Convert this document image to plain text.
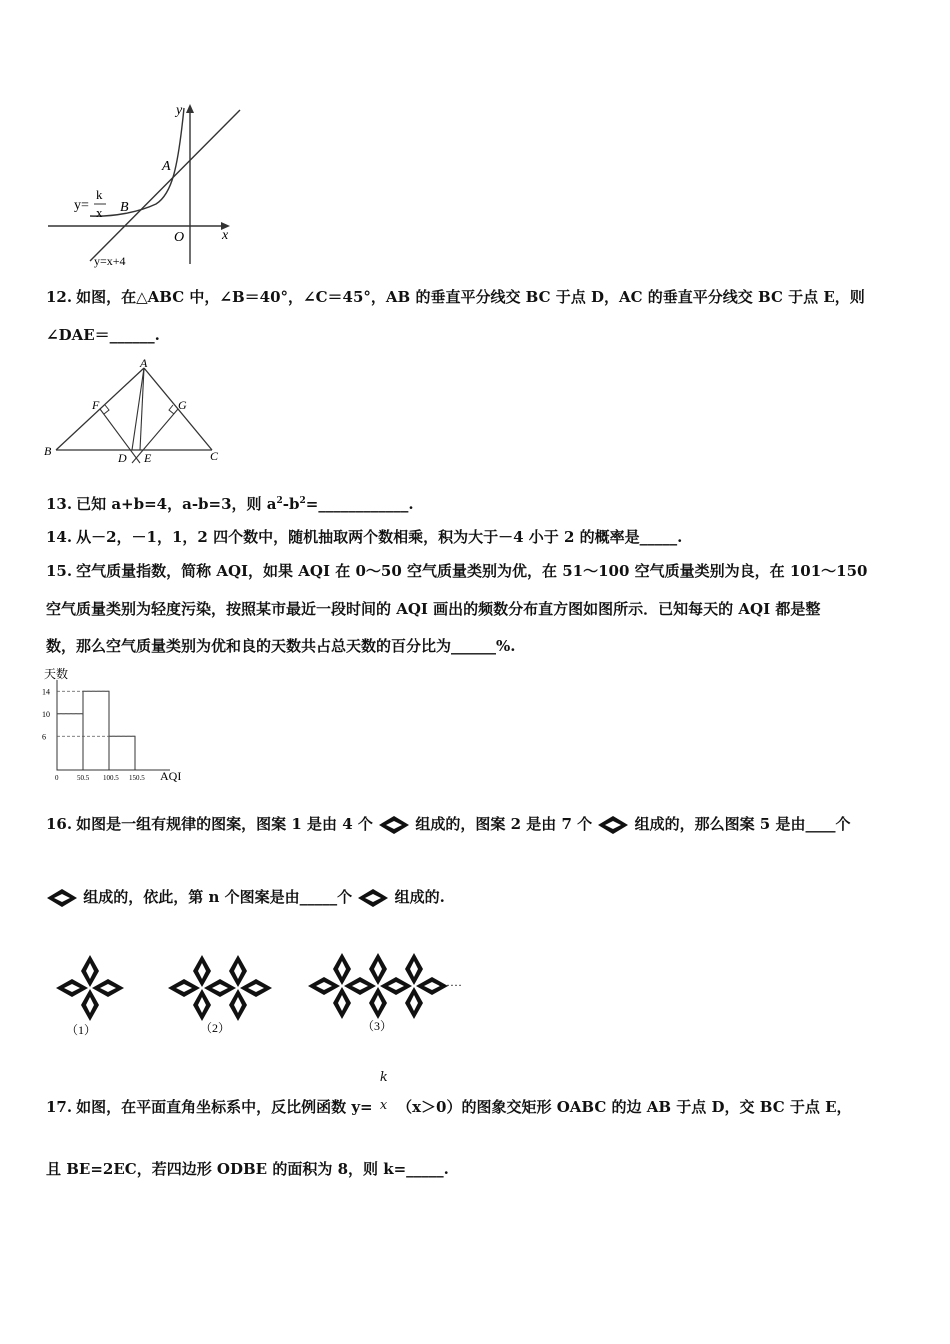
y
x
O
A
B
y=
k
x
y=x+4
12. 如图，在△ABC 中，∠B＝40°，∠C＝45°，AB 的垂直平分线交 BC 于点 D，AC 的垂直平分线交 BC 于点 E，则
∠DAE＝______.
A
B	C
D E
F	G
13. 已知 a+b=4，a-b=3，则 $a^2-b^2=\_\_\_\_\_\_\_\_\_\_\_\_$.
14. 从－2，－1，1，2 四个数中，随机抽取两个数相乘，积为大于－4 小于 2 的概率是_____.
15. 空气质量指数，简称 AQI，如果 AQI 在 0～50 空气质量类别为优，在 51～100 空气质量类别为良，在 101～150
空气质量类别为轻度污染，按照某市最近一段时间的 AQI 画出的频数分布直方图如图所示．已知每天的 AQI 都是整
数，那么空气质量类别为优和良的天数共占总天数的百分比为______%.
天数
AQI
14
10
6
0	50.5 100.5 150.5
16. 如图是一组有规律的图案，图案 1 是由 4 个	组成的，图案 2 是由 7 个	组成的，那么图案 5 是由____个
组成的，依此，第 n 个图案是由_____个	组成的.
……
（1）	（2）	（3）
17. 如图，在平面直角坐标系中，反比例函数 y=
k
x （x＞0）的图象交矩形 OABC 的边 AB 于点 D，交 BC 于点 E，
且 BE=2EC，若四边形 ODBE 的面积为 8，则 k=_____.
